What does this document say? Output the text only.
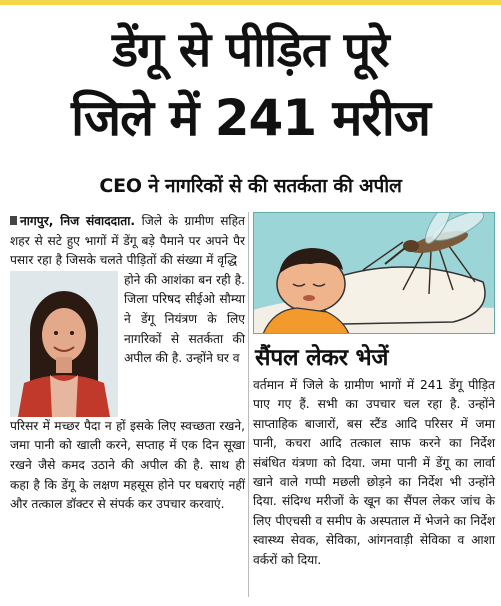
डेंगू से पीड़ित पूरे
जिले में 241 मरीज
CEO ने नागरिकों से की सतर्कता की अपील

नागपुर, निज संवाददाता. जिले के ग्रामीण सहित शहर से सटे हुए भागों में डेंगू बड़े पैमाने पर अपने पैर पसार रहा है जिसके चलते पीड़ितों की संख्या में वृद्धि

होने की आशंका बन रही है. जिला परिषद सीईओ सौम्या ने डेंगू नियंत्रण के लिए नागरिकों से सतर्कता की अपील की है. उन्होंने घर व

परिसर में मच्छर पैदा न हों इसके लिए स्वच्छता रखने, जमा पानी को खाली करने, सप्ताह में एक दिन सूखा रखने जैसे कमद उठाने की अपील की है. साथ ही कहा है कि डेंगू के लक्षण महसूस होने पर घबराएं नहीं और तत्काल डॉक्टर से संपर्क कर उपचार करवाएं.

सैंपल लेकर भेजें

वर्तमान में जिले के ग्रामीण भागों में 241 डेंगू पीड़ित पाए गए हैं. सभी का उपचार चल रहा है. उन्होंने साप्ताहिक बाजारों, बस स्टैंड आदि परिसर में जमा पानी, कचरा आदि तत्काल साफ करने का निर्देश संबंधित यंत्रणा को दिया. जमा पानी में डेंगू का लार्वा खाने वाले गप्पी मछली छोड़ने का निर्देश भी उन्होंने दिया. संदिग्ध मरीजों के खून का सैंपल लेकर जांच के लिए पीएचसी व समीप के अस्पताल में भेजने का निर्देश स्वास्थ्य सेवक, सेविका, आंगनवाड़ी सेविका व आशा वर्करों को दिया.
